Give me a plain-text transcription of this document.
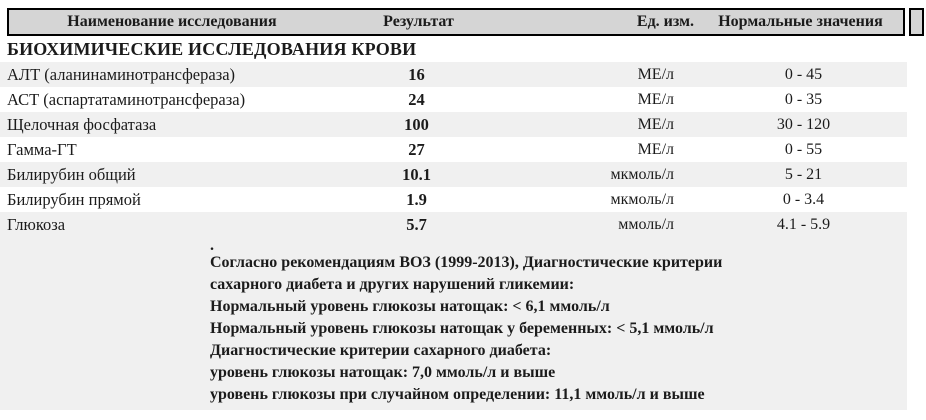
Наименование исследования	Результат	Ед. изм.	Нормальные значения
БИОХИМИЧЕСКИЕ ИССЛЕДОВАНИЯ КРОВИ
АЛТ (аланинаминотрансфераза)	16	МЕ/л	0 - 45
АСТ (аспартатаминотрансфераза)	24	МЕ/л	0 - 35
Щелочная фосфатаза	100	МЕ/л	30 - 120
Гамма-ГТ	27	МЕ/л	0 - 55
Билирубин общий	10.1	мкмоль/л	5 - 21
Билирубин прямой	1.9	мкмоль/л	0 - 3.4
Глюкоза	5.7	ммоль/л	4.1 - 5.9
.
Согласно рекомендациям ВОЗ (1999-2013), Диагностические критерии
сахарного диабета и других нарушений гликемии:
Нормальный уровень глюкозы натощак: < 6,1 ммоль/л
Нормальный уровень глюкозы натощак у беременных: < 5,1 ммоль/л
Диагностические критерии сахарного диабета:
уровень глюкозы натощак: 7,0 ммоль/л и выше
уровень глюкозы при случайном определении: 11,1 ммоль/л и выше
